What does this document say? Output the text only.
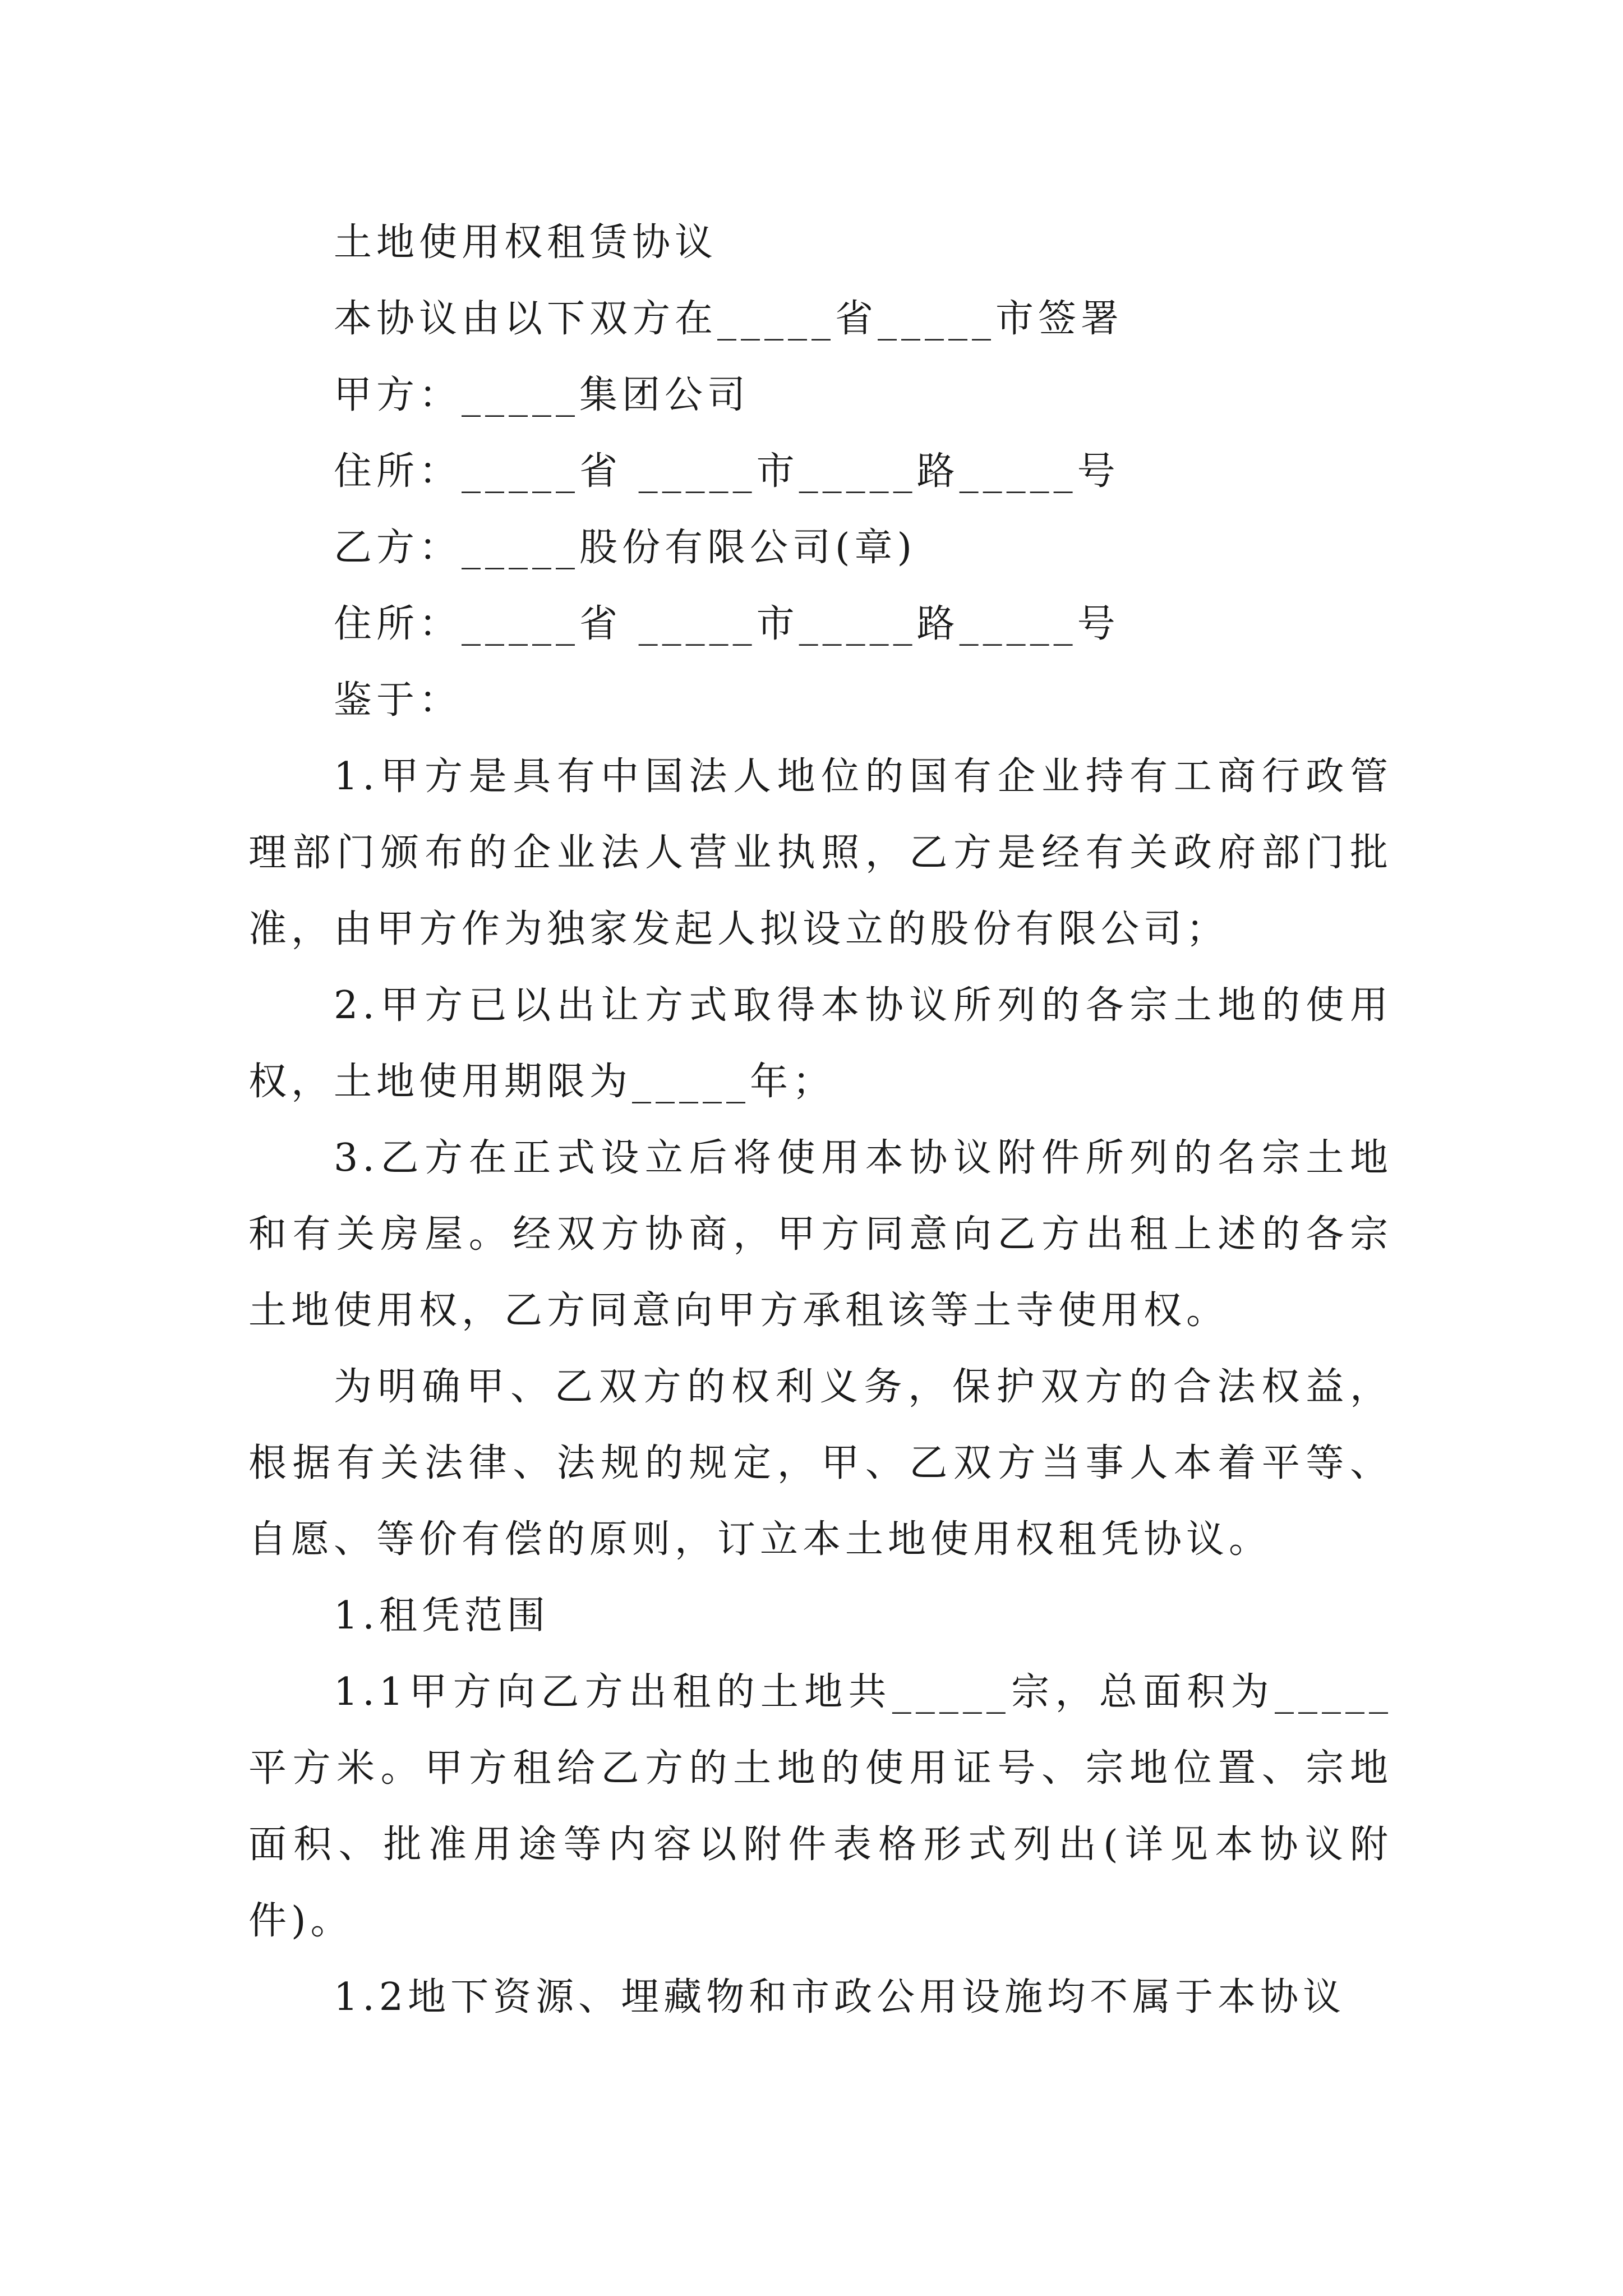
土地使用权租赁协议

本协议由以下双方在_____省_____市签署

甲方：_____集团公司

住所：_____省 _____市_____路_____号

乙方：_____股份有限公司(章)

住所：_____省 _____市_____路_____号

鉴于：

1.甲方是具有中国法人地位的国有企业持有工商行政管理部门颁布的企业法人营业执照，乙方是经有关政府部门批准，由甲方作为独家发起人拟设立的股份有限公司；

2.甲方已以出让方式取得本协议所列的各宗土地的使用权，土地使用期限为_____年；

3.乙方在正式设立后将使用本协议附件所列的名宗土地和有关房屋。经双方协商，甲方同意向乙方出租上述的各宗土地使用权，乙方同意向甲方承租该等土寺使用权。

为明确甲、乙双方的权利义务，保护双方的合法权益，根据有关法律、法规的规定，甲、乙双方当事人本着平等、自愿、等价有偿的原则，订立本土地使用权租凭协议。

1.租凭范围

1.1甲方向乙方出租的土地共_____宗，总面积为_____平方米。甲方租给乙方的土地的使用证号、宗地位置、宗地面积、批准用途等内容以附件表格形式列出(详见本协议附件)。

1.2地下资源、埋藏物和市政公用设施均不属于本协议
